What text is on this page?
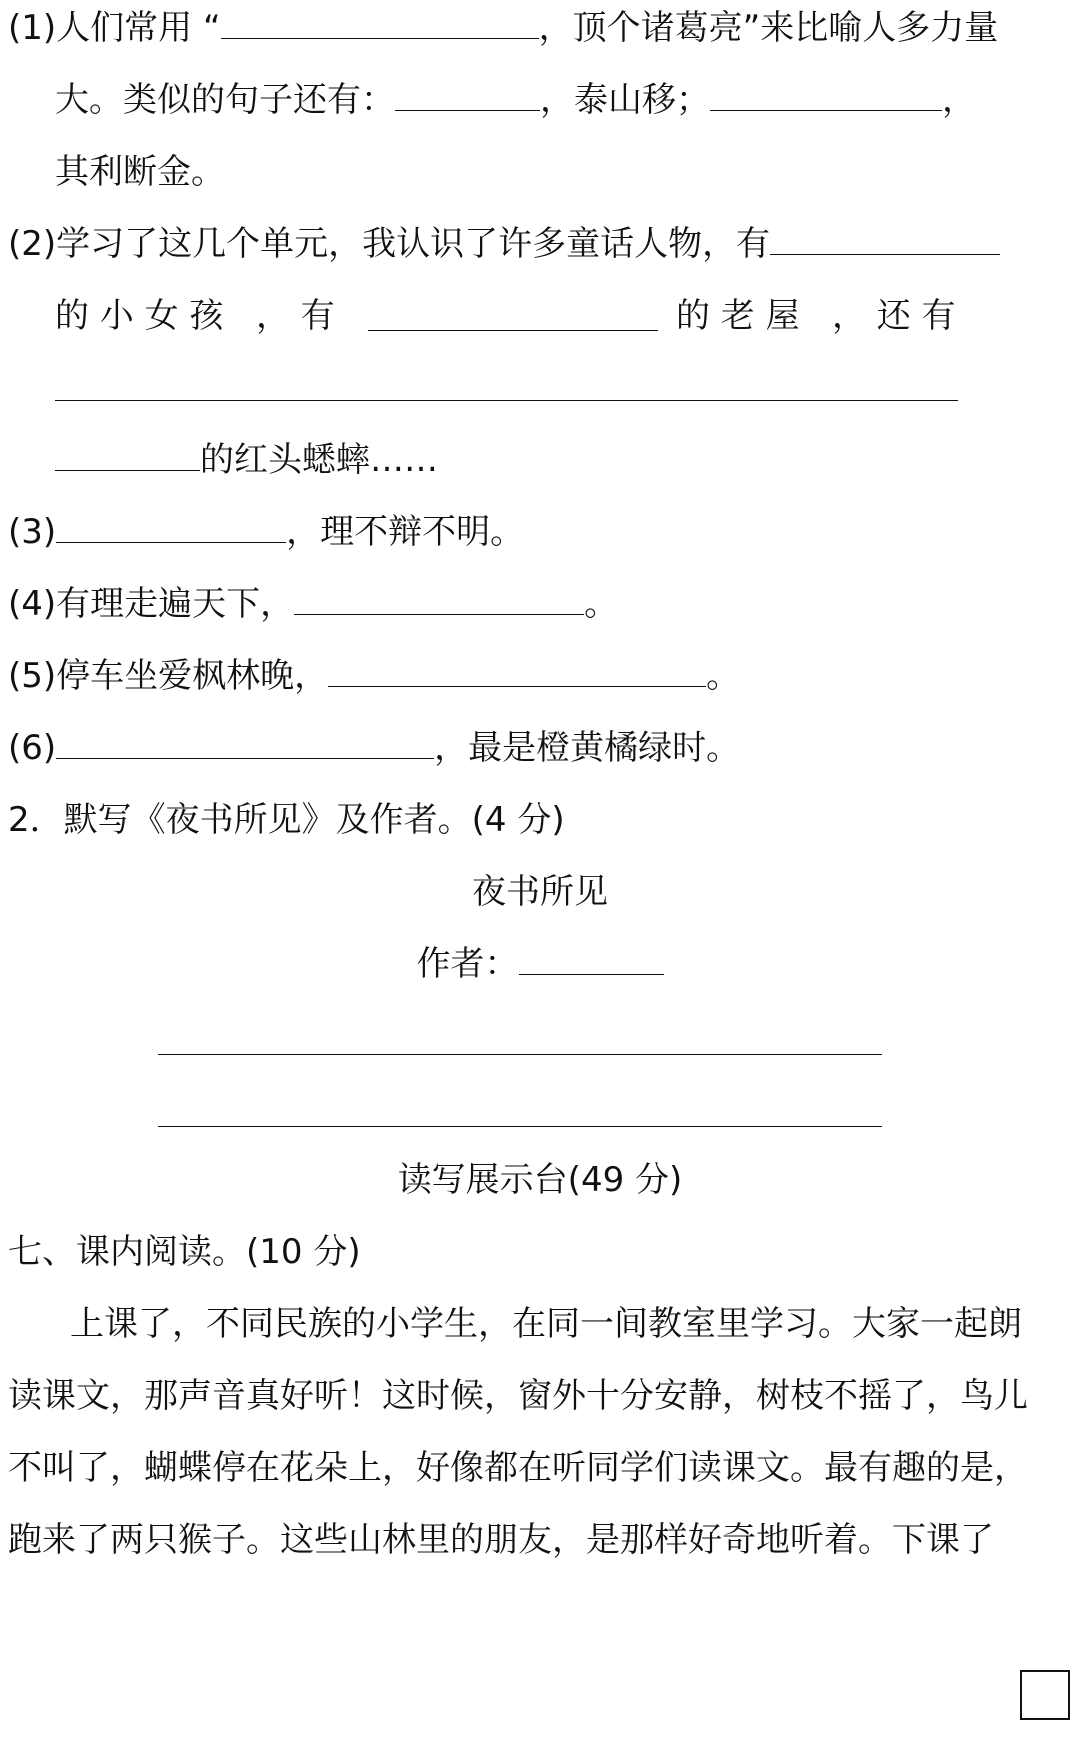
(1)人们常用 “	，顶个诸葛亮”来比喻人多力量
大。类似的句子还有：	，泰山移；	，
其利断金。
(2)学习了这几个单元，我认识了许多童话人物，有
的 小 女 孩 ， 有	的 老 屋 ， 还 有
的红头蟋蟀……
(3)	，理不辩不明。
(4)有理走遍天下，	。
(5)停车坐爱枫林晚，	。
(6)	，最是橙黄橘绿时。
2．默写《夜书所见》及作者。(4 分)
夜书所见
作者：
读写展示台(49 分)
七、课内阅读。(10 分)
上课了，不同民族的小学生，在同一间教室里学习。大家一起朗
读课文，那声音真好听！这时候，窗外十分安静，树枝不摇了，鸟儿
不叫了，蝴蝶停在花朵上，好像都在听同学们读课文。最有趣的是，
跑来了两只猴子。这些山林里的朋友，是那样好奇地听着。下课了
